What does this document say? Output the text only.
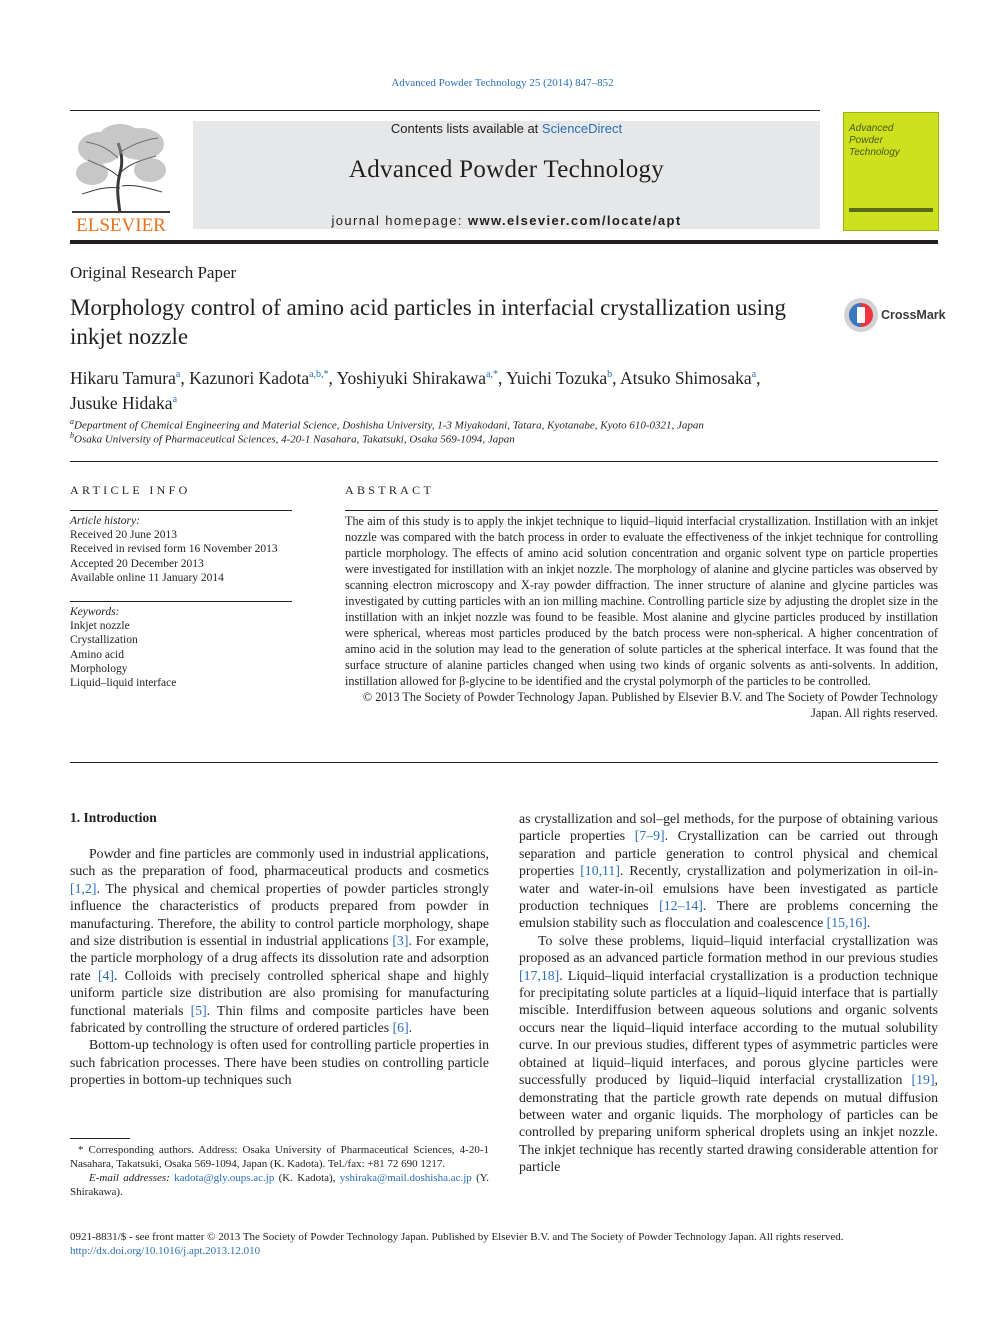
Advanced Powder Technology 25 (2014) 847–852
ELSEVIER
Contents lists available at ScienceDirect
Advanced Powder Technology
journal homepage: www.elsevier.com/locate/apt
Advanced
Powder
Technology
Original Research Paper
Morphology control of amino acid particles in interfacial crystallization using inkjet nozzle
CrossMark
Hikaru Tamura$^a$, Kazunori Kadota$^{a,b,*}$, Yoshiyuki Shirakawa$^{a,*}$, Yuichi Tozuka$^b$, Atsuko Shimosaka$^a$,
Jusuke Hidaka$^a$
$^a$Department of Chemical Engineering and Material Science, Doshisha University, 1-3 Miyakodani, Tatara, Kyotanabe, Kyoto 610-0321, Japan
$^b$Osaka University of Pharmaceutical Sciences, 4-20-1 Nasahara, Takatsuki, Osaka 569-1094, Japan
ARTICLE INFO
Article history:
Received 20 June 2013
Received in revised form 16 November 2013
Accepted 20 December 2013
Available online 11 January 2014
Keywords:
Inkjet nozzle
Crystallization
Amino acid
Morphology
Liquid–liquid interface
ABSTRACT

The aim of this study is to apply the inkjet technique to liquid–liquid interfacial crystallization. Instillation with an inkjet nozzle was compared with the batch process in order to evaluate the effectiveness of the inkjet technique for controlling particle morphology. The effects of amino acid solution concentration and organic solvent type on particle properties were investigated for instillation with an inkjet nozzle. The morphology of alanine and glycine particles was observed by scanning electron microscopy and X-ray powder diffraction. The inner structure of alanine and glycine particles was investigated by cutting particles with an ion milling machine. Controlling particle size by adjusting the droplet size in the instillation with an inkjet nozzle was found to be feasible. Most alanine and glycine particles produced by instillation were spherical, whereas most particles produced by the batch process were non-spherical. A higher concentration of amino acid in the solution may lead to the generation of solute particles at the spherical interface. It was found that the surface structure of alanine particles changed when using two kinds of organic solvents as anti-solvents. In addition, instillation allowed for β-glycine to be identified and the crystal polymorph of the particles to be controlled.

© 2013 The Society of Powder Technology Japan. Published by Elsevier B.V. and The Society of Powder Technology Japan. All rights reserved.

1. Introduction

Powder and fine particles are commonly used in industrial applications, such as the preparation of food, pharmaceutical products and cosmetics [1,2]. The physical and chemical properties of powder particles strongly influence the characteristics of products prepared from powder in manufacturing. Therefore, the ability to control particle morphology, shape and size distribution is essential in industrial applications [3]. For example, the particle morphology of a drug affects its dissolution rate and adsorption rate [4]. Colloids with precisely controlled spherical shape and highly uniform particle size distribution are also promising for manufacturing functional materials [5]. Thin films and composite particles have been fabricated by controlling the structure of ordered particles [6].

Bottom-up technology is often used for controlling particle properties in such fabrication processes. There have been studies on controlling particle properties in bottom-up techniques such

as crystallization and sol–gel methods, for the purpose of obtaining various particle properties [7–9]. Crystallization can be carried out through separation and particle generation to control physical and chemical properties [10,11]. Recently, crystallization and polymerization in oil-in-water and water-in-oil emulsions have been investigated as particle production techniques [12–14]. There are problems concerning the emulsion stability such as flocculation and coalescence [15,16].

To solve these problems, liquid–liquid interfacial crystallization was proposed as an advanced particle formation method in our previous studies [17,18]. Liquid–liquid interfacial crystallization is a production technique for precipitating solute particles at a liquid–liquid interface that is partially miscible. Interdiffusion between aqueous solutions and organic solvents occurs near the liquid–liquid interface according to the mutual solubility curve. In our previous studies, different types of asymmetric particles were obtained at liquid–liquid interfaces, and porous glycine particles were successfully produced by liquid–liquid interfacial crystallization [19], demonstrating that the particle growth rate depends on mutual diffusion between water and organic liquids. The morphology of particles can be controlled by preparing uniform spherical droplets using an inkjet nozzle. The inkjet technique has recently started drawing considerable attention for particle

* Corresponding authors. Address: Osaka University of Pharmaceutical Sciences, 4-20-1 Nasahara, Takatsuki, Osaka 569-1094, Japan (K. Kadota). Tel./fax: +81 72 690 1217.

E-mail addresses: kadota@gly.oups.ac.jp (K. Kadota), yshiraka@mail.doshisha.ac.jp (Y. Shirakawa).

0921-8831/$ - see front matter © 2013 The Society of Powder Technology Japan. Published by Elsevier B.V. and The Society of Powder Technology Japan. All rights reserved.
http://dx.doi.org/10.1016/j.apt.2013.12.010
